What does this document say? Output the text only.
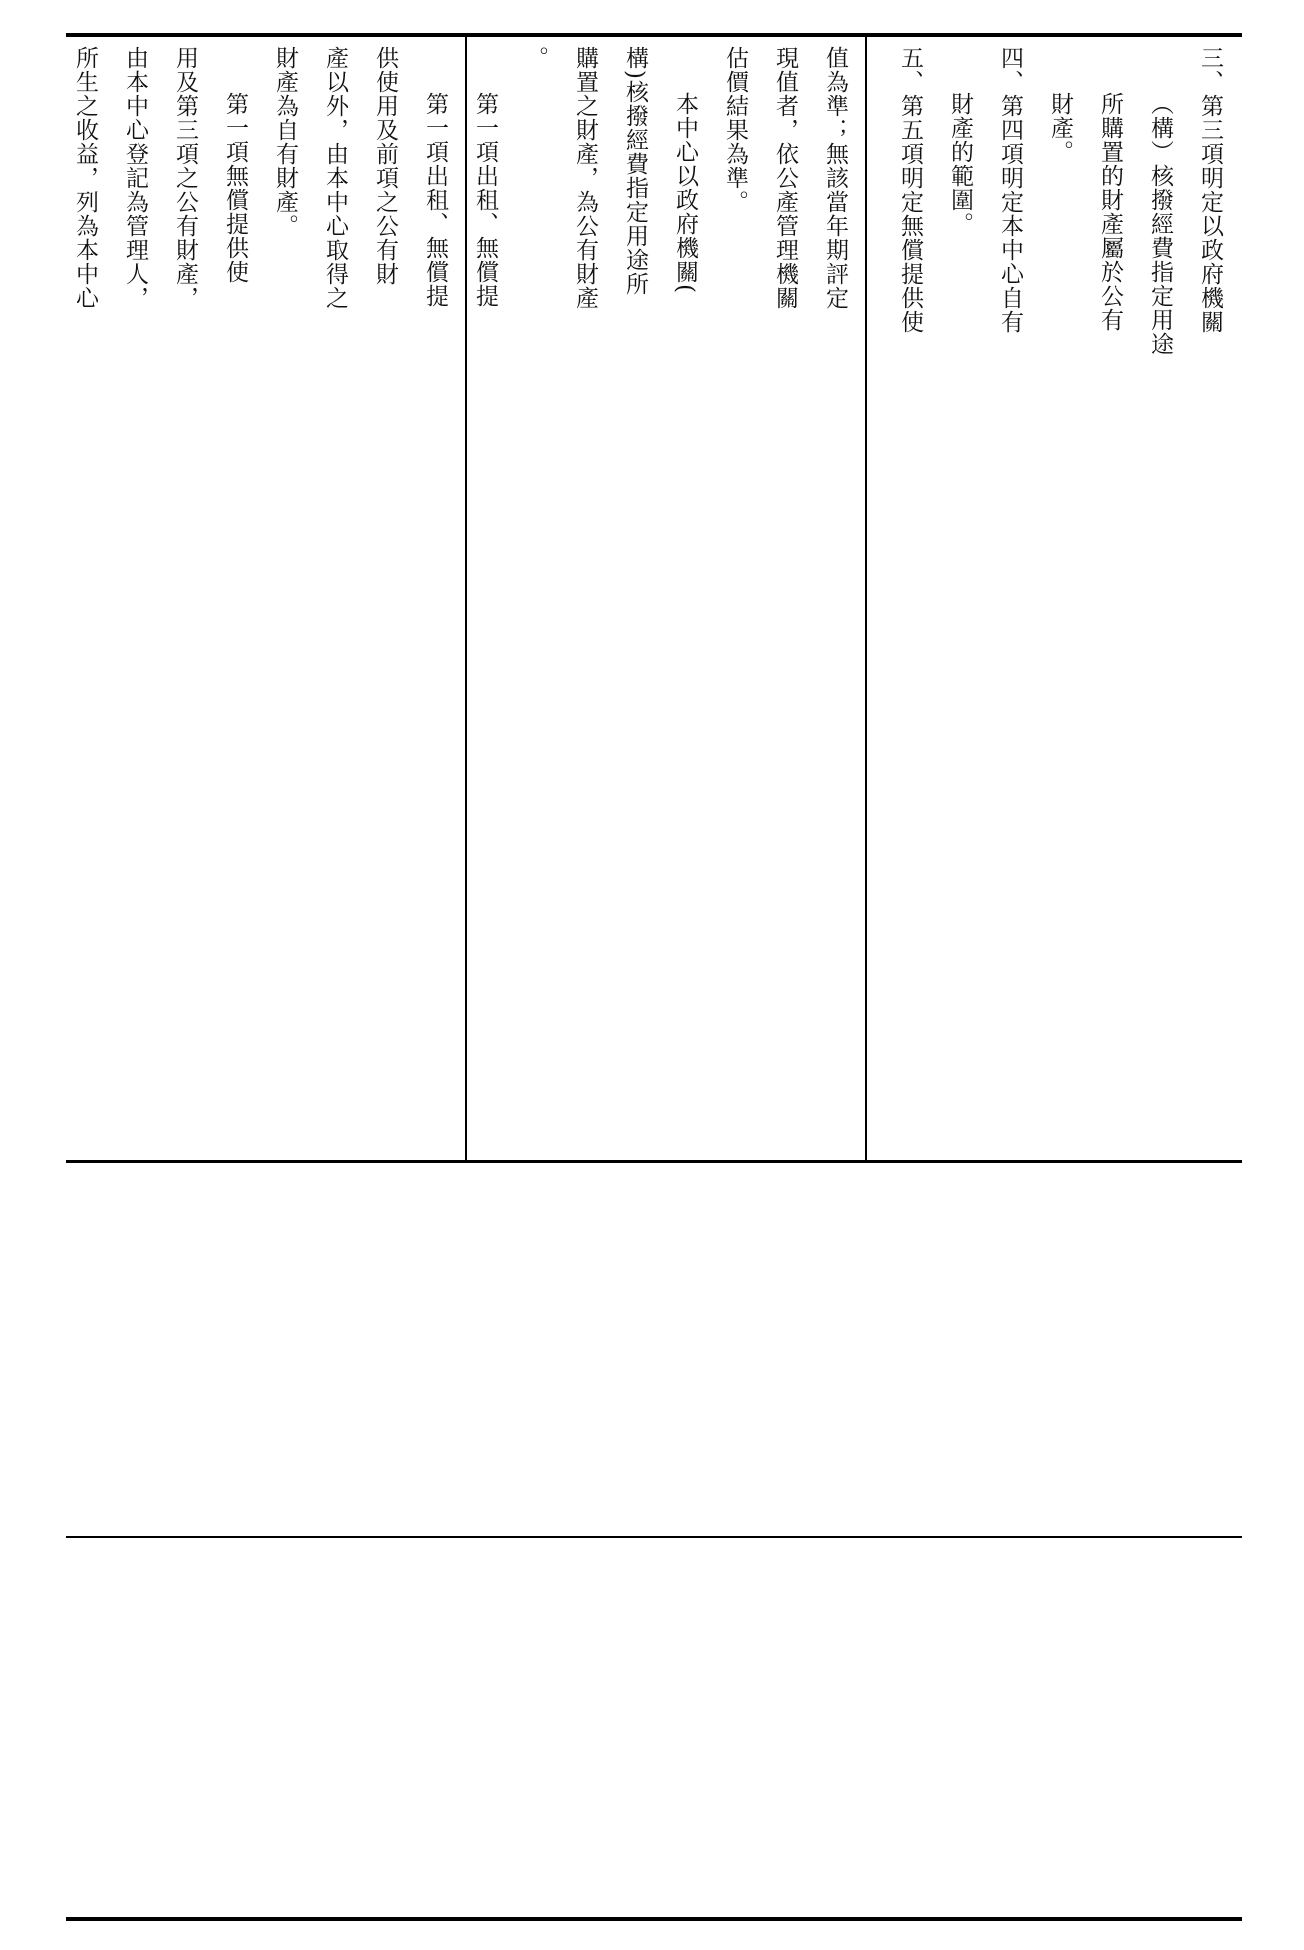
三、第三項明定以政府機關

（構）核撥經費指定用途

所購置的財產屬於公有

財產。

四、第四項明定本中心自有

財產的範圍。

五、第五項明定無償提供使

值為準；無該當年期評定

現值者，依公產管理機關

估價結果為準。

本中心以政府機關(

構)核撥經費指定用途所

購置之財產，為公有財產

。

第一項出租、無償提

第一項出租、無償提

供使用及前項之公有財

產以外，由本中心取得之

財產為自有財產。

第一項無償提供使

用及第三項之公有財產，

由本中心登記為管理人，

所生之收益，列為本中心
